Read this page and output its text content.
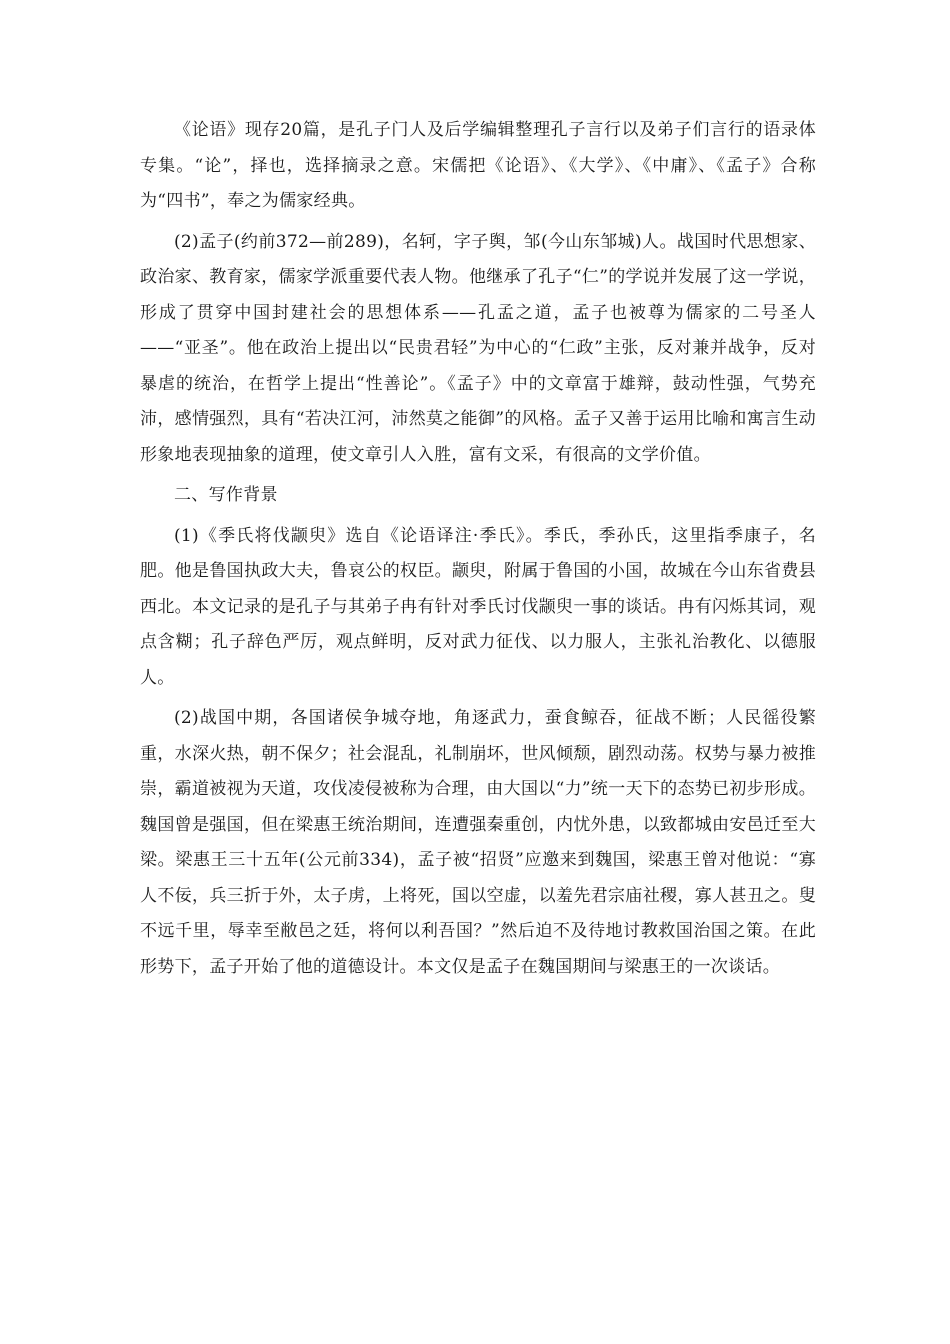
《论语》现存20篇，是孔子门人及后学编辑整理孔子言行以及弟子们言行的语录体专集。“论”，择也，选择摘录之意。宋儒把《论语》、《大学》、《中庸》、《孟子》合称为“四书”，奉之为儒家经典。

(2)孟子(约前372—前289)，名轲，字子舆，邹(今山东邹城)人。战国时代思想家、政治家、教育家，儒家学派重要代表人物。他继承了孔子“仁”的学说并发展了这一学说，形成了贯穿中国封建社会的思想体系——孔孟之道，孟子也被尊为儒家的二号圣人——“亚圣”。他在政治上提出以“民贵君轻”为中心的“仁政”主张，反对兼并战争，反对暴虐的统治，在哲学上提出“性善论”。《孟子》中的文章富于雄辩，鼓动性强，气势充沛，感情强烈，具有“若决江河，沛然莫之能御”的风格。孟子又善于运用比喻和寓言生动形象地表现抽象的道理，使文章引人入胜，富有文采，有很高的文学价值。

二、写作背景

(1)《季氏将伐颛臾》选自《论语译注·季氏》。季氏，季孙氏，这里指季康子，名肥。他是鲁国执政大夫，鲁哀公的权臣。颛臾，附属于鲁国的小国，故城在今山东省费县西北。本文记录的是孔子与其弟子冉有针对季氏讨伐颛臾一事的谈话。冉有闪烁其词，观点含糊；孔子辞色严厉，观点鲜明，反对武力征伐、以力服人，主张礼治教化、以德服人。

(2)战国中期，各国诸侯争城夺地，角逐武力，蚕食鲸吞，征战不断；人民徭役繁重，水深火热，朝不保夕；社会混乱，礼制崩坏，世风倾颓，剧烈动荡。权势与暴力被推崇，霸道被视为天道，攻伐凌侵被称为合理，由大国以“力”统一天下的态势已初步形成。魏国曾是强国，但在梁惠王统治期间，连遭强秦重创，内忧外患，以致都城由安邑迁至大梁。梁惠王三十五年(公元前334)，孟子被“招贤”应邀来到魏国，梁惠王曾对他说：“寡人不佞，兵三折于外，太子虏，上将死，国以空虚，以羞先君宗庙社稷，寡人甚丑之。叟不远千里，辱幸至敝邑之廷，将何以利吾国？”然后迫不及待地讨教救国治国之策。在此形势下，孟子开始了他的道德设计。本文仅是孟子在魏国期间与梁惠王的一次谈话。
